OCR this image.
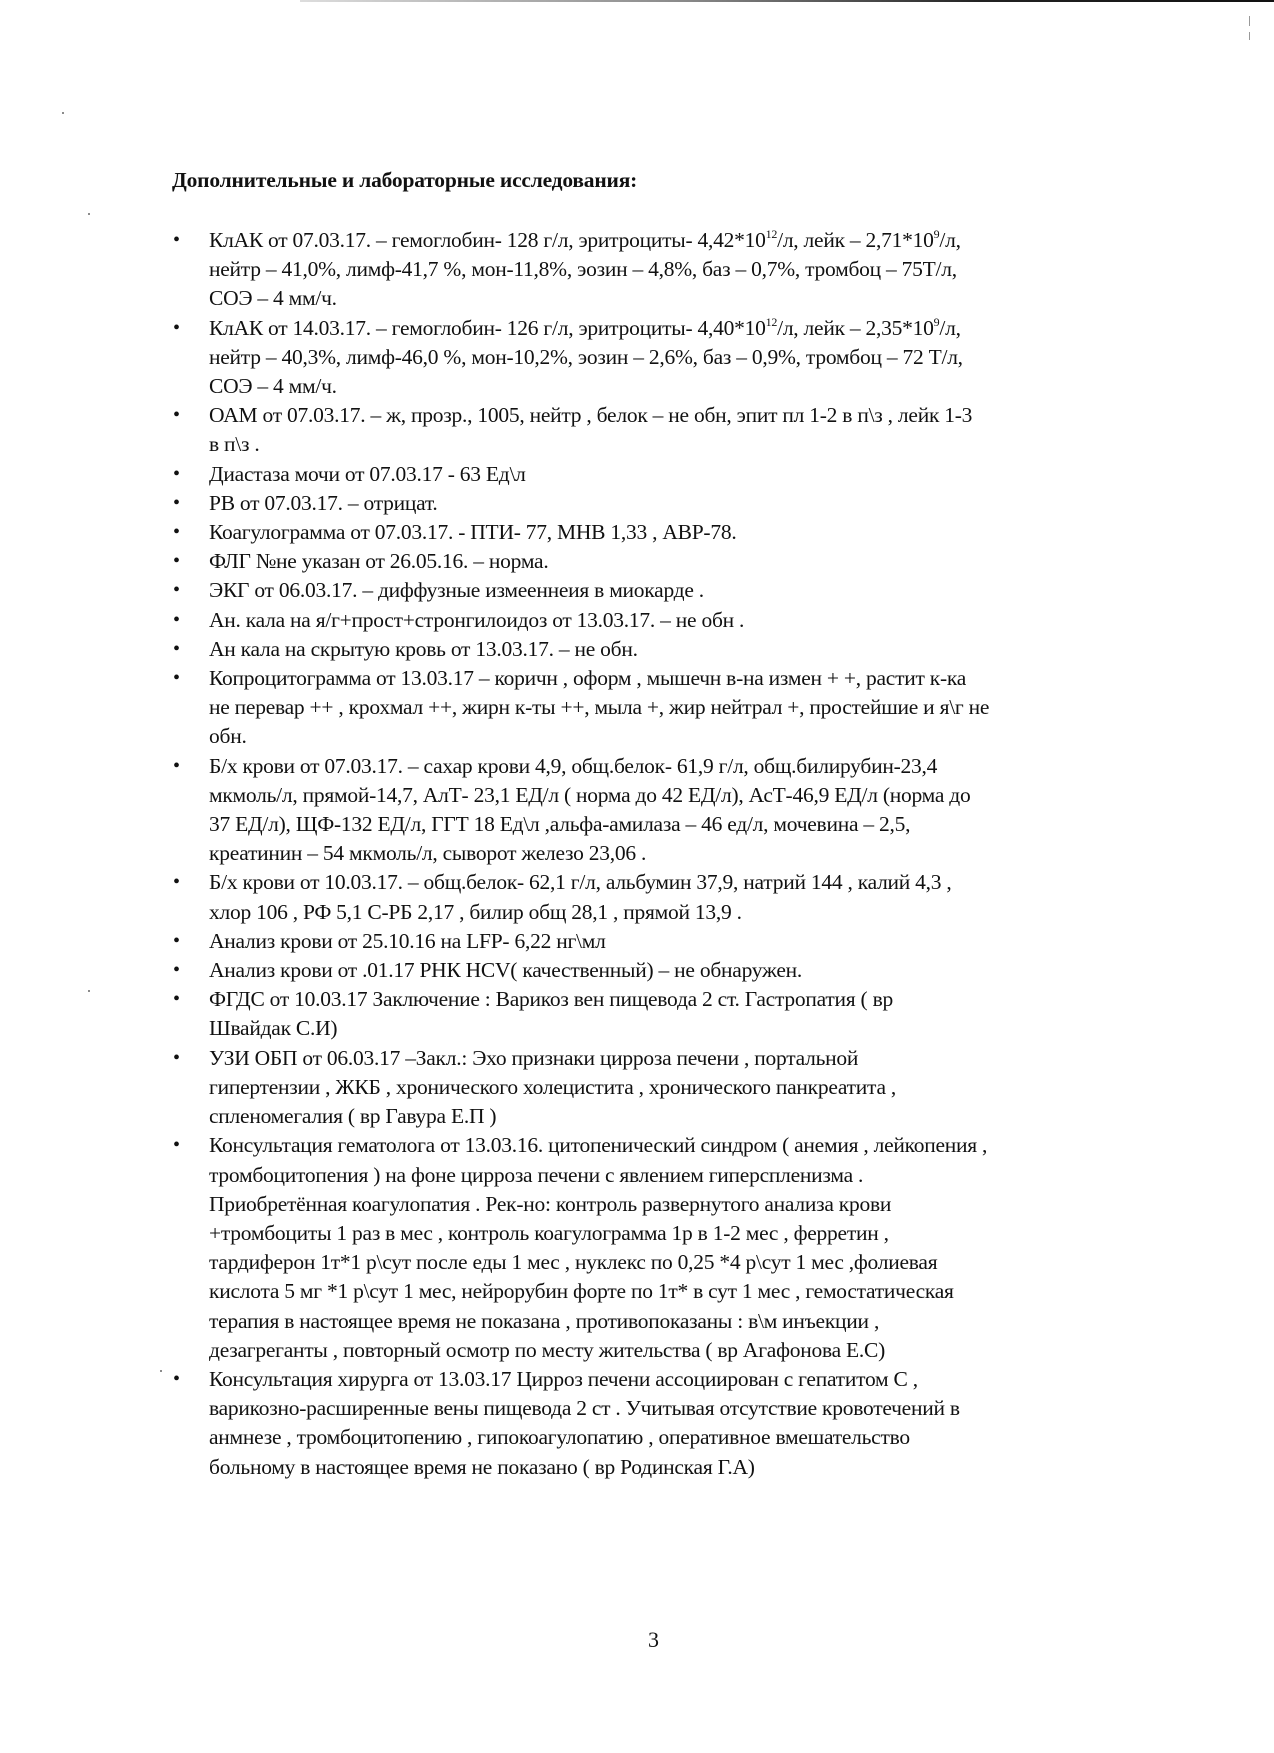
Дополнительные и лабораторные исследования:
• КлАК от 07.03.17. – гемоглобин- 128 г/л, эритроциты- $4,42*10^{12}/л$, лейк – $2,71*10^9/л$,
нейтр – 41,0%, лимф-41,7 %, мон-11,8%, эозин – 4,8%, баз – 0,7%, тромбоц – 75Т/л,
СОЭ – 4 мм/ч.
• КлАК от 14.03.17. – гемоглобин- 126 г/л, эритроциты- $4,40*10^{12}/л$, лейк – $2,35*10^9/л$,
нейтр – 40,3%, лимф-46,0 %, мон-10,2%, эозин – 2,6%, баз – 0,9%, тромбоц – 72 Т/л,
СОЭ – 4 мм/ч.
• ОАМ от 07.03.17. – ж, прозр., 1005, нейтр , белок – не обн, эпит пл 1-2 в п\з , лейк 1-3
в п\з .
• Диастаза мочи от 07.03.17 - 63 Ед\л
• РВ от 07.03.17. – отрицат.
• Коагулограмма от 07.03.17. - ПТИ- 77, МНВ 1,33 , АВР-78.
• ФЛГ №не указан от 26.05.16. – норма.
• ЭКГ от 06.03.17. – диффузные измееннеия в миокарде .
• Ан. кала на я/г+прост+стронгилоидоз от 13.03.17. – не обн .
• Ан кала на скрытую кровь от 13.03.17. – не обн.
• Копроцитограмма от 13.03.17 – коричн , оформ , мышечн в-на измен + +, растит к-ка
не перевар ++ , крохмал ++, жирн к-ты ++, мыла +, жир нейтрал +, простейшие и я\г не
обн.
• Б/х крови от 07.03.17. – сахар крови 4,9, общ.белок- 61,9 г/л, общ.билирубин-23,4
мкмоль/л, прямой-14,7, АлТ- 23,1 ЕД/л ( норма до 42 ЕД/л), АсТ-46,9 ЕД/л (норма до
37 ЕД/л), ЩФ-132 ЕД/л, ГГТ 18 Ед\л ,альфа-амилаза – 46 ед/л, мочевина – 2,5,
креатинин – 54 мкмоль/л, сыворот железо 23,06 .
• Б/х крови от 10.03.17. – общ.белок- 62,1 г/л, альбумин 37,9, натрий 144 , калий 4,3 ,
хлор 106 , РФ 5,1 С-РБ 2,17 , билир общ 28,1 , прямой 13,9 .
• Анализ крови от 25.10.16 на LFP- 6,22 нг\мл
• Анализ крови от .01.17 РНК HCV( качественный) – не обнаружен.
• ФГДС от 10.03.17 Заключение : Варикоз вен пищевода 2 ст. Гастропатия ( вр
Швайдак С.И)
• УЗИ ОБП от 06.03.17 –Закл.: Эхо признаки цирроза печени , портальной
гипертензии , ЖКБ , хронического холецистита , хронического панкреатита ,
спленомегалия ( вр Гавура Е.П )
• Консультация гематолога от 13.03.16. цитопенический синдром ( анемия , лейкопения ,
тромбоцитопения ) на фоне цирроза печени с явлением гиперспленизма .
Приобретённая коагулопатия . Рек-но: контроль развернутого анализа крови
+тромбоциты 1 раз в мес , контроль коагулограмма 1р в 1-2 мес , ферретин ,
тардиферон 1т*1 р\сут после еды 1 мес , нуклекс по 0,25 *4 р\сут 1 мес ,фолиевая
кислота 5 мг *1 р\сут 1 мес, нейрорубин форте по 1т* в сут 1 мес , гемостатическая
терапия в настоящее время не показана , противопоказаны : в\м инъекции ,
дезагреганты , повторный осмотр по месту жительства ( вр Агафонова Е.С)
• Консультация хирурга от 13.03.17 Цирроз печени ассоциирован с гепатитом С ,
варикозно-расширенные вены пищевода 2 ст . Учитывая отсутствие кровотечений в
анмнезе , тромбоцитопению , гипокоагулопатию , оперативное вмешательство
больному в настоящее время не показано ( вр Родинская Г.А)
3
